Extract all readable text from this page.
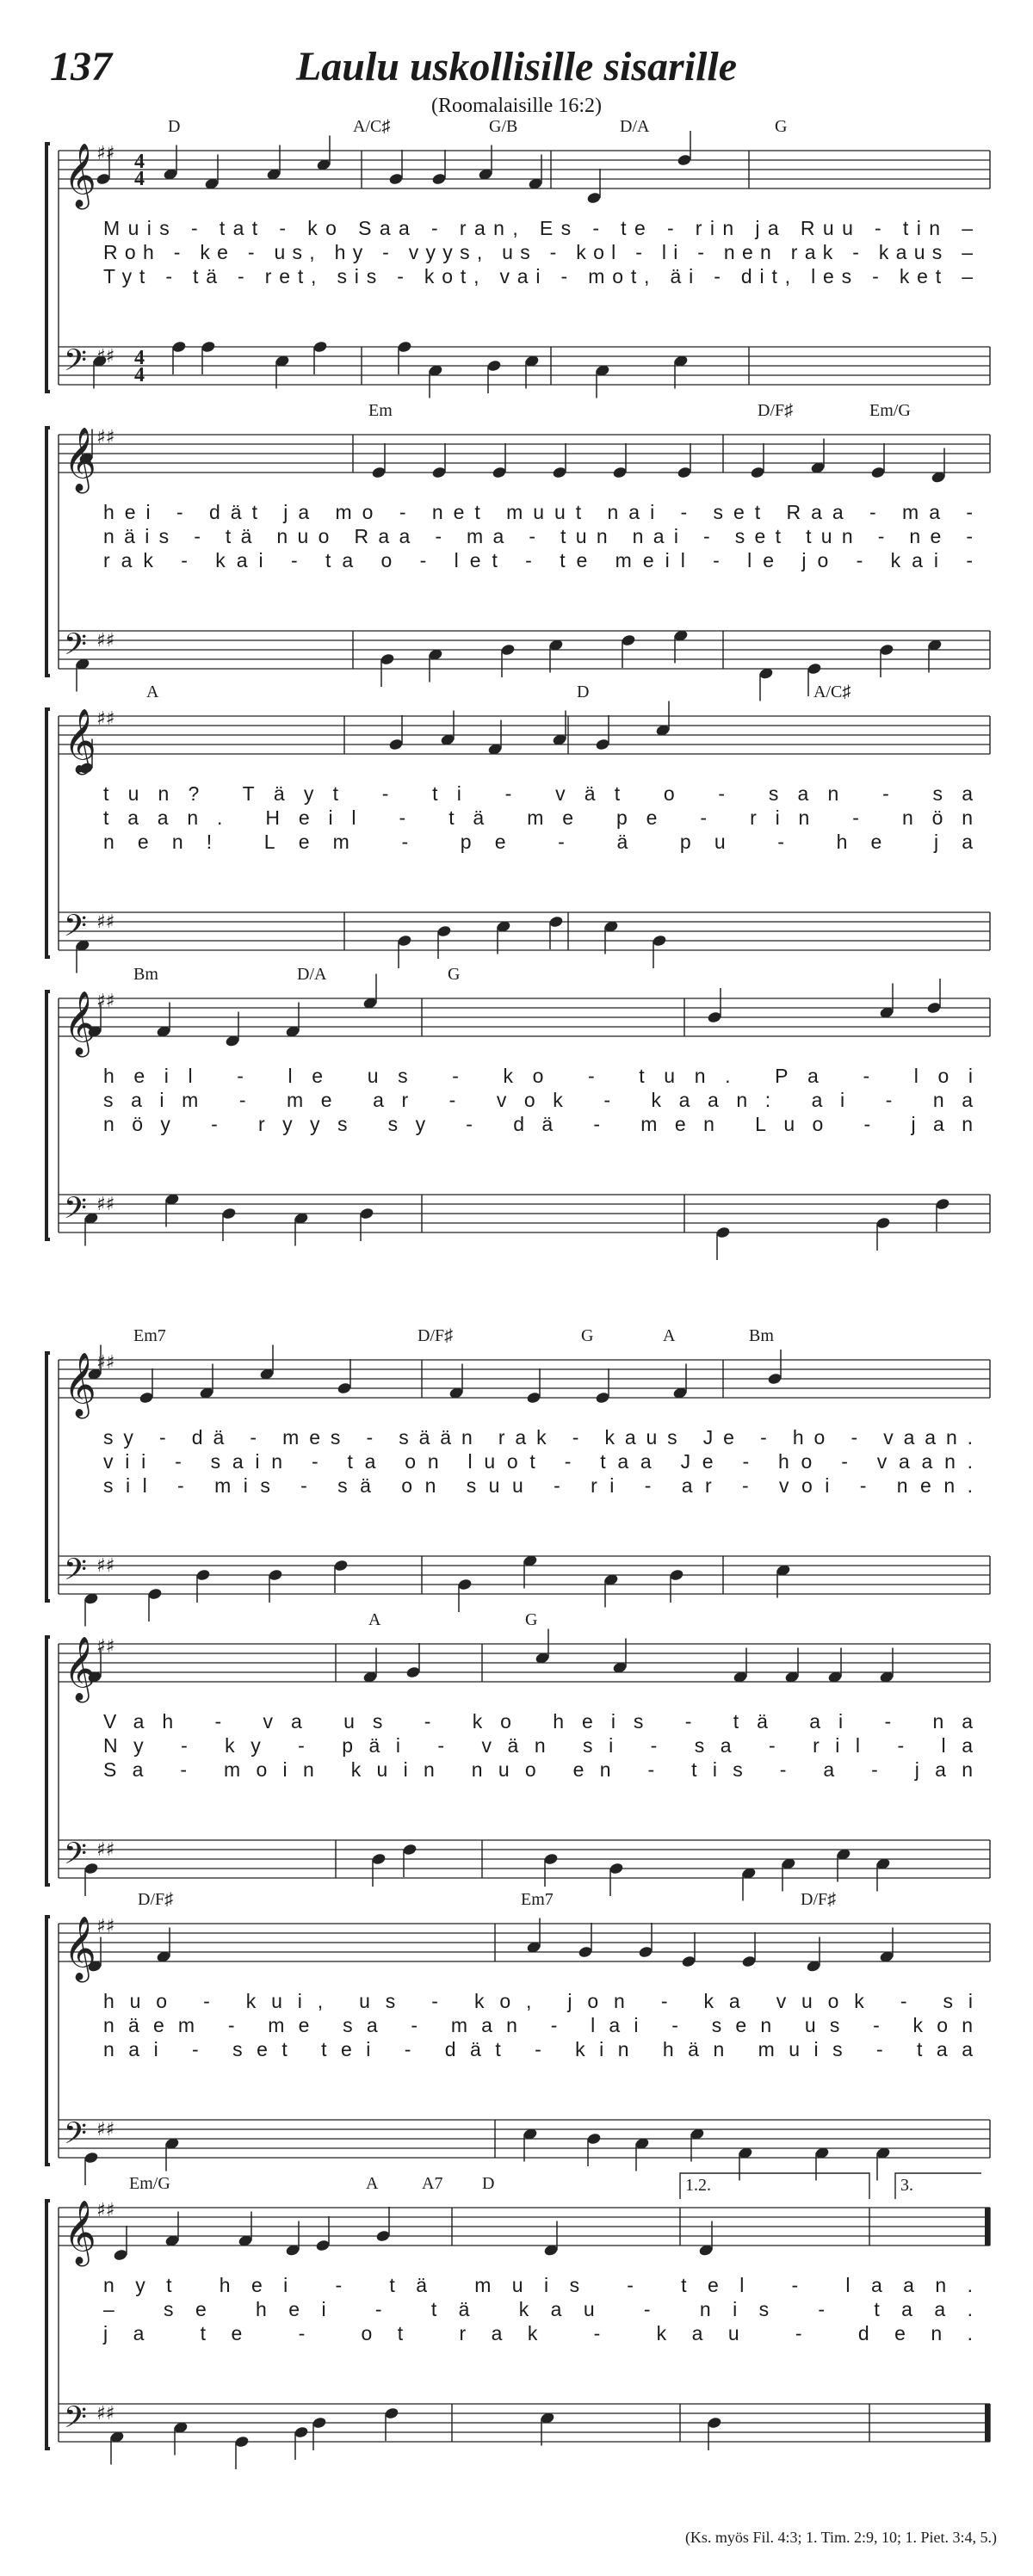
137	Laulu uskollisille sisarille
(Roomalaisille 16:2)
4
4
4
4
D	A/C♯	G/B	D/A	G
Muis - tat - ko Saa - ran, Es - te - rin ja Ruu - tin –
Roh - ke - us, hy - vyys, us - kol - li - nen rak - kaus –
Tyt - tä - ret, sis - kot, vai - mot, äi - dit, les - ket –
𝄞 ♯♯
𝄢 ♯♯
Em	D/F♯	Em/G
hei - dät ja mo - net muut nai - set Raa - ma -
näis - tä nuo Raa - ma - tun nai - set tun - ne -
rak - kai - ta o - let - te meil - le jo - kai -
𝄞 ♯♯
𝄢 ♯♯
A	D	A/C♯
tun? Täyt - ti - vät o - san - sa
taan. Heil - tä me pe - rin - nön
nen! Lem - pe - ä pu - he ja
𝄞 ♯♯
𝄢 ♯♯
Bm	D/A	G
heil - le us - ko - tun. Pa - loi
saim - me ar - vok - kaan: ai - na
nöy - ryys sy - dä - men Luo - jan
𝄞 ♯♯
𝄢 ♯♯
Em7	D/F♯	G	A	Bm
sy - dä - mes - sään rak - kaus Je - ho - vaan.
vii - sain - ta on luot - taa Je - ho - vaan.
sil - mis - sä on suu - ri - ar - voi - nen.
𝄞 ♯♯
𝄢 ♯♯
A	G
Vah - va us - ko heis - tä ai - na
Ny - ky - päi - vän si - sa - ril - la
Sa - moin kuin nuo en - tis - a - jan
𝄞 ♯♯
𝄢 ♯♯
D/F♯	Em7	D/F♯
huo - kui, us - ko, jon - ka vuok - si
näem - me sa - man - lai - sen us - kon
nai - set tei - dät - kin hän muis - taa
𝄞 ♯♯
𝄢 ♯♯
Em/G	A	A7 D	1.2.	3.
nyt hei - tä muis - tel - laan.
– se hei - tä kau - nis - taa.
ja te - ot rak - kau - den.
𝄞 ♯♯
𝄢 ♯♯
(Ks. myös Fil. 4:3; 1. Tim. 2:9, 10; 1. Piet. 3:4, 5.)
